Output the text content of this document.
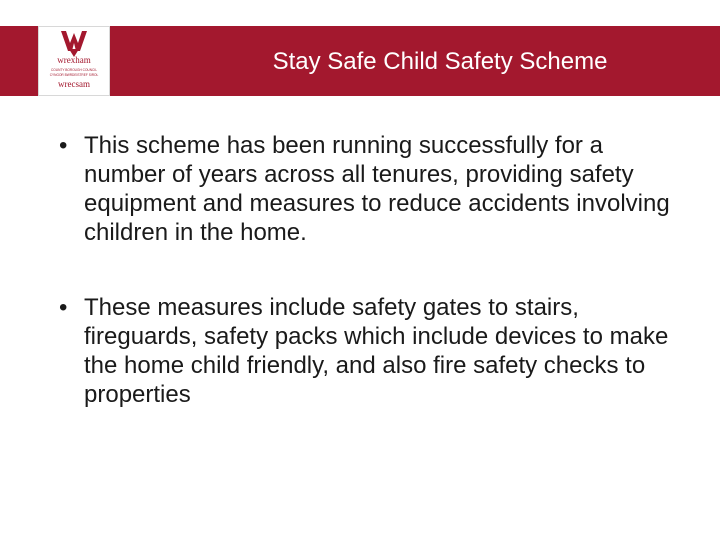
wrexham
COUNTY BOROUGH COUNCIL
CYNGOR BWRDEISTREF SIROL
wrecsam
Stay Safe Child Safety Scheme
• This scheme has been running successfully for a number of years across all tenures, providing safety equipment and measures to reduce accidents involving children in the home.
• These measures include safety gates to stairs, fireguards, safety packs which include devices to make the home child friendly, and also fire safety checks to properties
